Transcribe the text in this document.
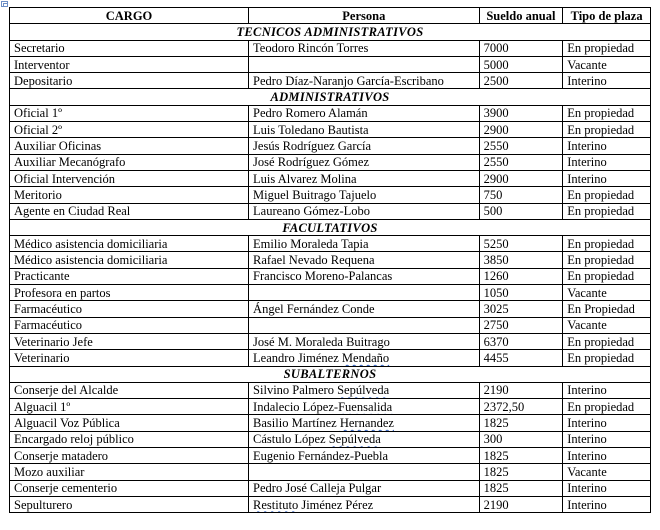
CARGO	Persona	Sueldo anual	Tipo de plaza
TECNICOS ADMINISTRATIVOS			
Secretario	Teodoro Rincón Torres	7000	En propiedad
Interventor		5000	Vacante
Depositario	Pedro Díaz-Naranjo García-Escribano	2500	Interino
ADMINISTRATIVOS			
Oficial 1º	Pedro Romero Alamán	3900	En propiedad
Oficial 2º	Luis Toledano Bautista	2900	En propiedad
Auxiliar Oficinas	Jesús Rodríguez García	2550	Interino
Auxiliar Mecanógrafo	José Rodríguez Gómez	2550	Interino
Oficial Intervención	Luis Alvarez Molina	2900	Interino
Meritorio	Miguel Buitrago Tajuelo	750	En propiedad
Agente en Ciudad Real	Laureano Gómez-Lobo	500	En propiedad
FACULTATIVOS			
Médico asistencia domiciliaria	Emilio Moraleda Tapia	5250	En propiedad
Médico asistencia domiciliaria	Rafael Nevado Requena	3850	En propiedad
Practicante	Francisco Moreno-Palancas	1260	En propiedad
Profesora en partos		1050	Vacante
Farmacéutico	Ángel Fernández Conde	3025	En Propiedad
Farmacéutico		2750	Vacante
Veterinario Jefe	José M. Moraleda Buitrago	6370	En propiedad
Veterinario	Leandro Jiménez Mendaño	4455	En propiedad
SUBALTERNOS			
Conserje del Alcalde	Silvino Palmero Sepúlveda	2190	Interino
Alguacil 1º	Indalecio López-Fuensalida	2372,50	En propiedad
Alguacil Voz Pública	Basilio Martínez Hernandez	1825	Interino
Encargado reloj público	Cástulo López Sepúlveda	300	Interino
Conserje matadero	Eugenio Fernández-Puebla	1825	Interino
Mozo auxiliar		1825	Vacante
Conserje cementerio	Pedro José Calleja Pulgar	1825	Interino
Sepulturero	Restituto Jiménez Pérez	2190	Interino
